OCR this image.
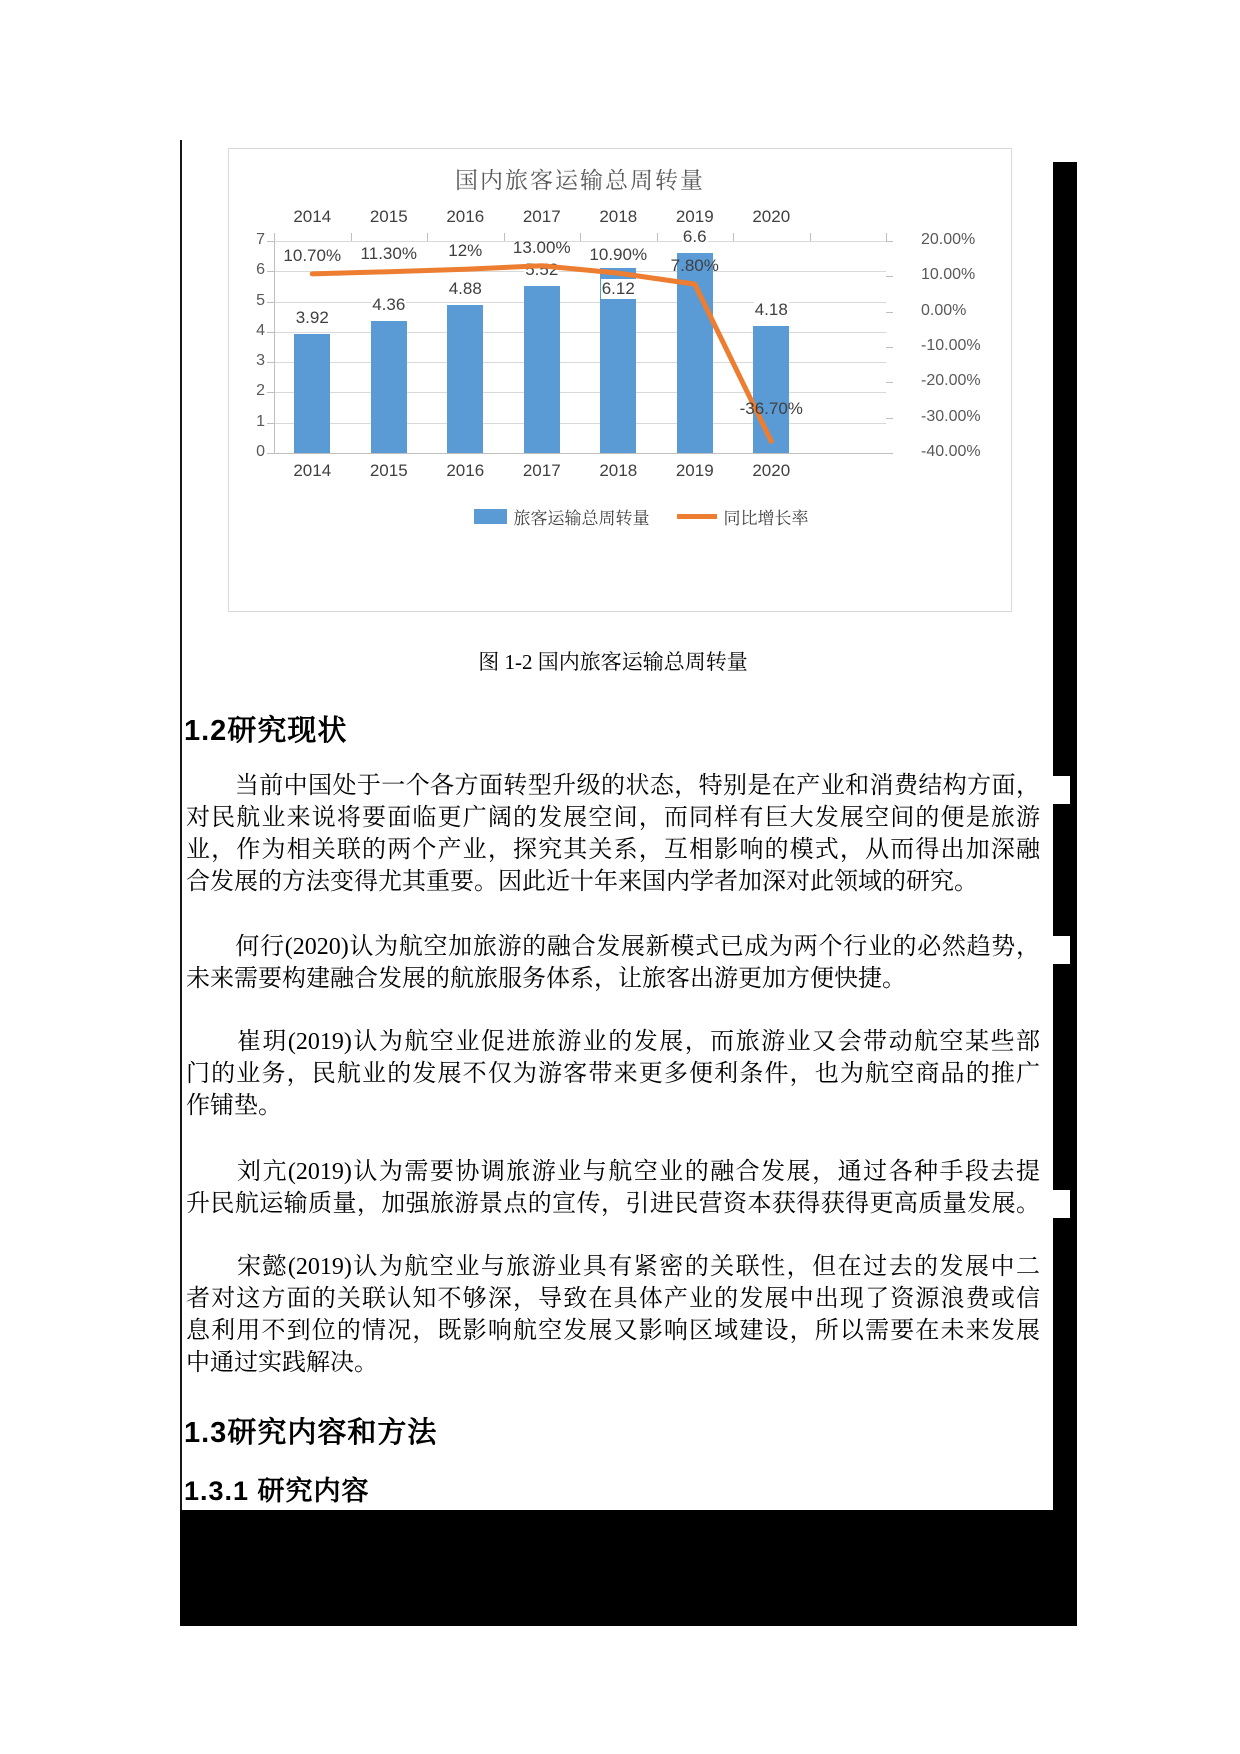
国内旅客运输总周转量
旅客运输总周转量	同比增长率
7
6
5
4
3
2
1
0
20.00%
10.00%
0.00%
-10.00%
-20.00%
-30.00%
-40.00%
2014	2015	2016	2017	2018	2019	2020
2014	2015	2016	2017	2018	2019	2020
3.92
4.36
4.88
5.52
6.12
6.6
4.18
10.70%	11.30%	12%	13.00%	10.90%
7.80%
-36.70%
图 1-2 国内旅客运输总周转量
1.2研究现状
　　当前中国处于一个各方面转型升级的状态，特别是在产业和消费结构方面，
对民航业来说将要面临更广阔的发展空间，而同样有巨大发展空间的便是旅游
业，作为相关联的两个产业，探究其关系，互相影响的模式，从而得出加深融
合发展的方法变得尤其重要。因此近十年来国内学者加深对此领域的研究。
　　何行(2020)认为航空加旅游的融合发展新模式已成为两个行业的必然趋势，
未来需要构建融合发展的航旅服务体系，让旅客出游更加方便快捷。
　　崔玥(2019)认为航空业促进旅游业的发展，而旅游业又会带动航空某些部
门的业务，民航业的发展不仅为游客带来更多便利条件，也为航空商品的推广
作铺垫。
　　刘亢(2019)认为需要协调旅游业与航空业的融合发展，通过各种手段去提
升民航运输质量，加强旅游景点的宣传，引进民营资本获得获得更高质量发展。
　　宋懿(2019)认为航空业与旅游业具有紧密的关联性，但在过去的发展中二
者对这方面的关联认知不够深，导致在具体产业的发展中出现了资源浪费或信
息利用不到位的情况，既影响航空发展又影响区域建设，所以需要在未来发展
中通过实践解决。
1.3研究内容和方法
1.3.1 研究内容
